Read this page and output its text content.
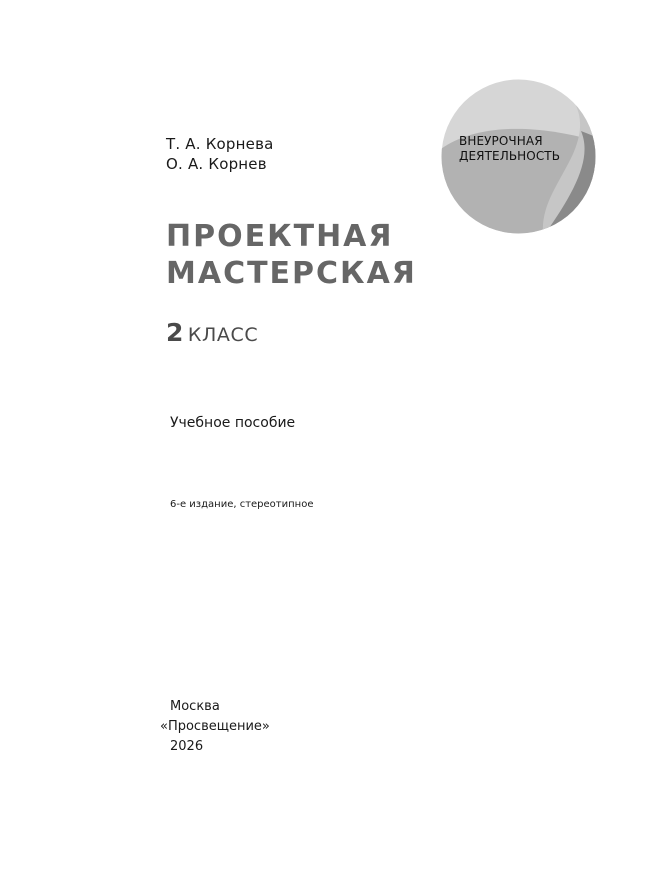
Т. А. Корнева
О. А. Корнев
ВНЕУРОЧНАЯ
ДЕЯТЕЛЬНОСТЬ
ПРОЕКТНАЯ
МАСТЕРСКАЯ
2 КЛАСС
Учебное пособие
6-е издание, стереотипное
Москва
«Просвещение»
2026
